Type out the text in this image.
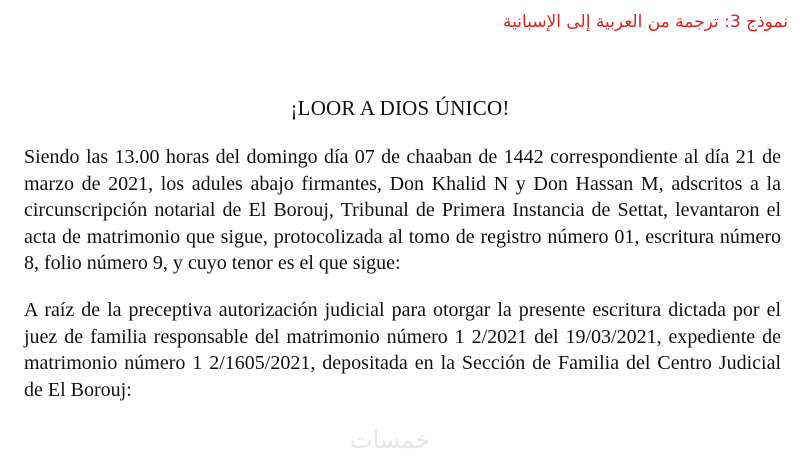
نموذج 3: ترجمة من العربية إلى الإسبانية
¡LOOR A DIOS ÚNICO!

Siendo las 13.00 horas del domingo día 07 de chaaban de 1442 correspondiente al día 21 de marzo de 2021, los adules abajo firmantes, Don Khalid N y Don Hassan M, adscritos a la circunscripción notarial de El Borouj, Tribunal de Primera Instancia de Settat, levantaron el acta de matrimonio que sigue, protocolizada al tomo de registro número 01, escritura número 8, folio número 9, y cuyo tenor es el que sigue:

A raíz de la preceptiva autorización judicial para otorgar la presente escritura dictada por el juez de familia responsable del matrimonio número 1 2/2021 del 19/03/2021, expediente de matrimonio número 1 2/1605/2021, depositada en la Sección de Familia del Centro Judicial de El Borouj:

خمسات
